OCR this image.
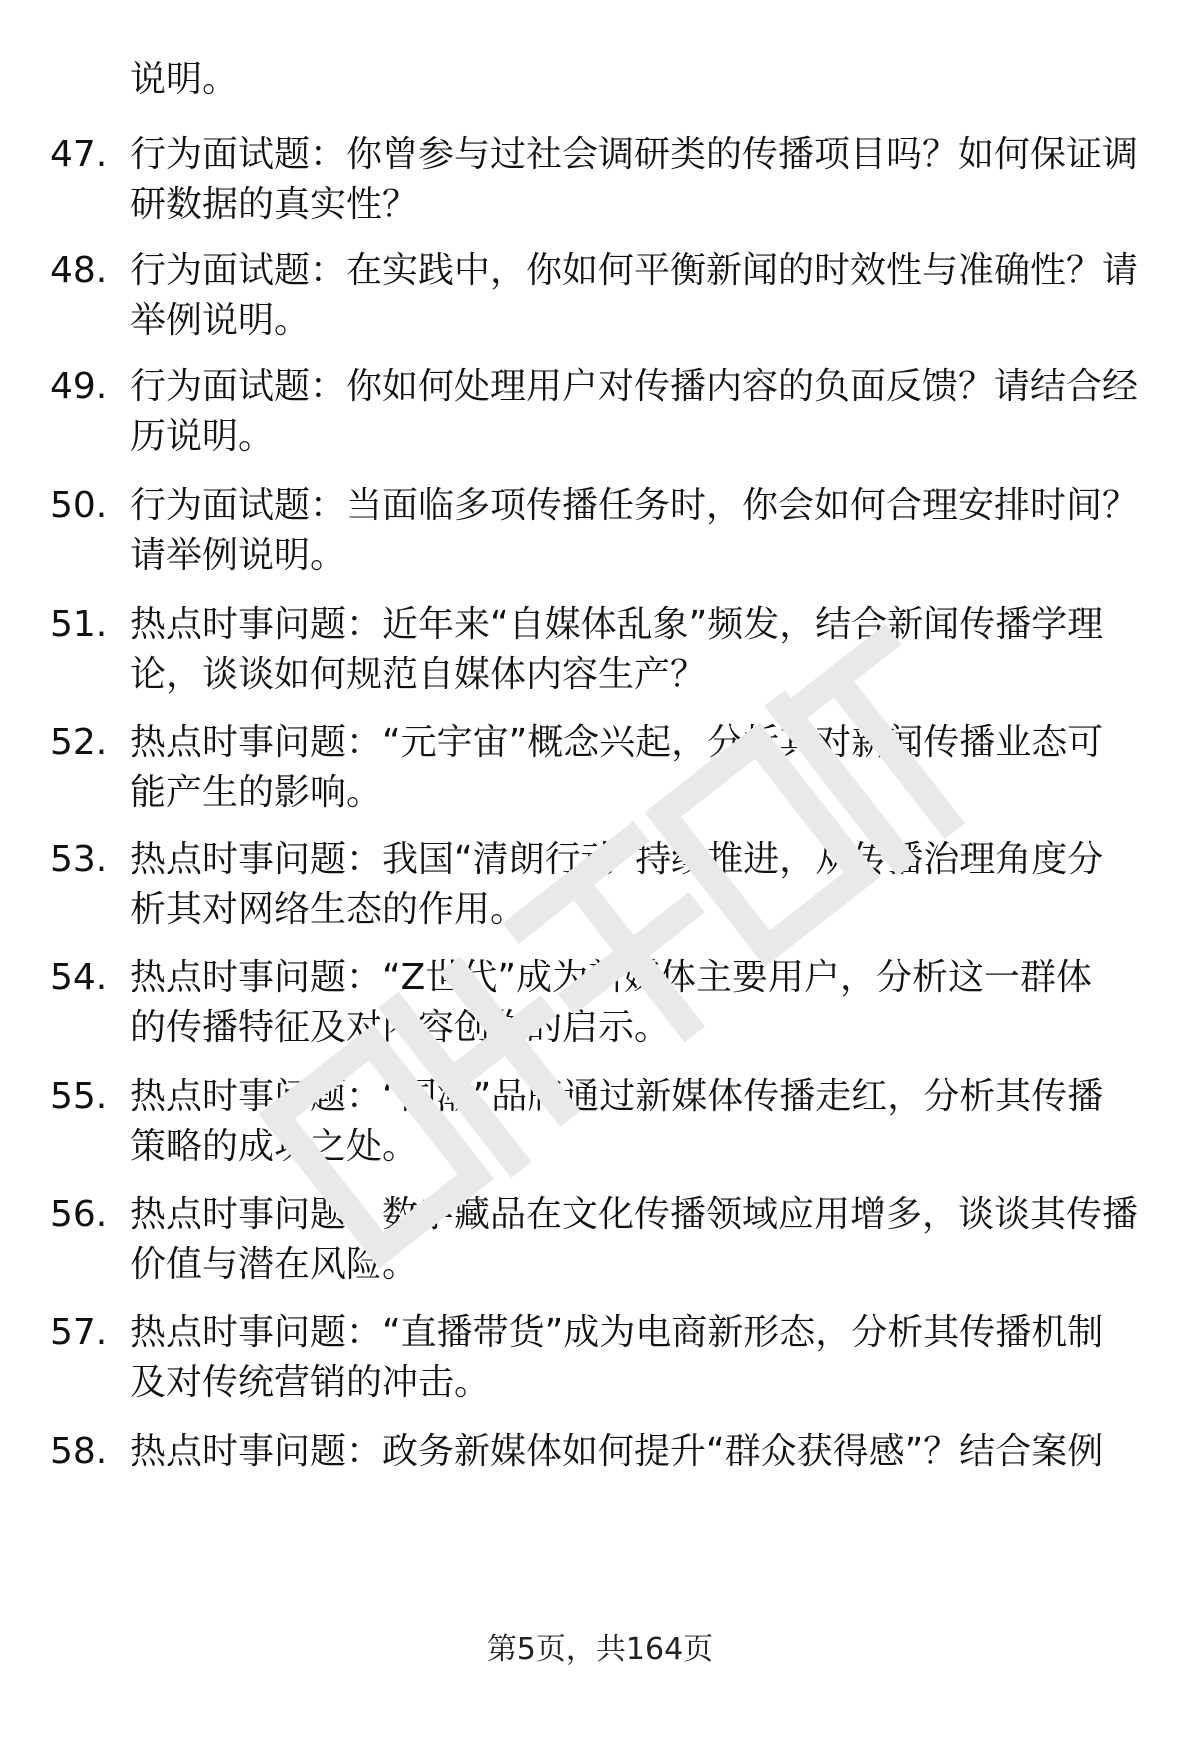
说明。
47. 行为面试题：你曾参与过社会调研类的传播项目吗？如何保证调
研数据的真实性？
48. 行为面试题：在实践中，你如何平衡新闻的时效性与准确性？请
举例说明。
49. 行为面试题：你如何处理用户对传播内容的负面反馈？请结合经
历说明。
50. 行为面试题：当面临多项传播任务时，你会如何合理安排时间？
请举例说明。
51. 热点时事问题：近年来“自媒体乱象”频发，结合新闻传播学理
论，谈谈如何规范自媒体内容生产？
52. 热点时事问题：“元宇宙”概念兴起，分析其对新闻传播业态可
能产生的影响。
53. 热点时事问题：我国“清朗行动”持续推进，从传播治理角度分
析其对网络生态的作用。
54. 热点时事问题：“Z世代”成为新媒体主要用户，分析这一群体
的传播特征及对内容创作的启示。
55. 热点时事问题：“国潮”品牌通过新媒体传播走红，分析其传播
策略的成功之处。
56. 热点时事问题：数字藏品在文化传播领域应用增多，谈谈其传播
价值与潜在风险。
57. 热点时事问题：“直播带货”成为电商新形态，分析其传播机制
及对传统营销的冲击。
58. 热点时事问题：政务新媒体如何提升“群众获得感”？结合案例
第5页，共164页
